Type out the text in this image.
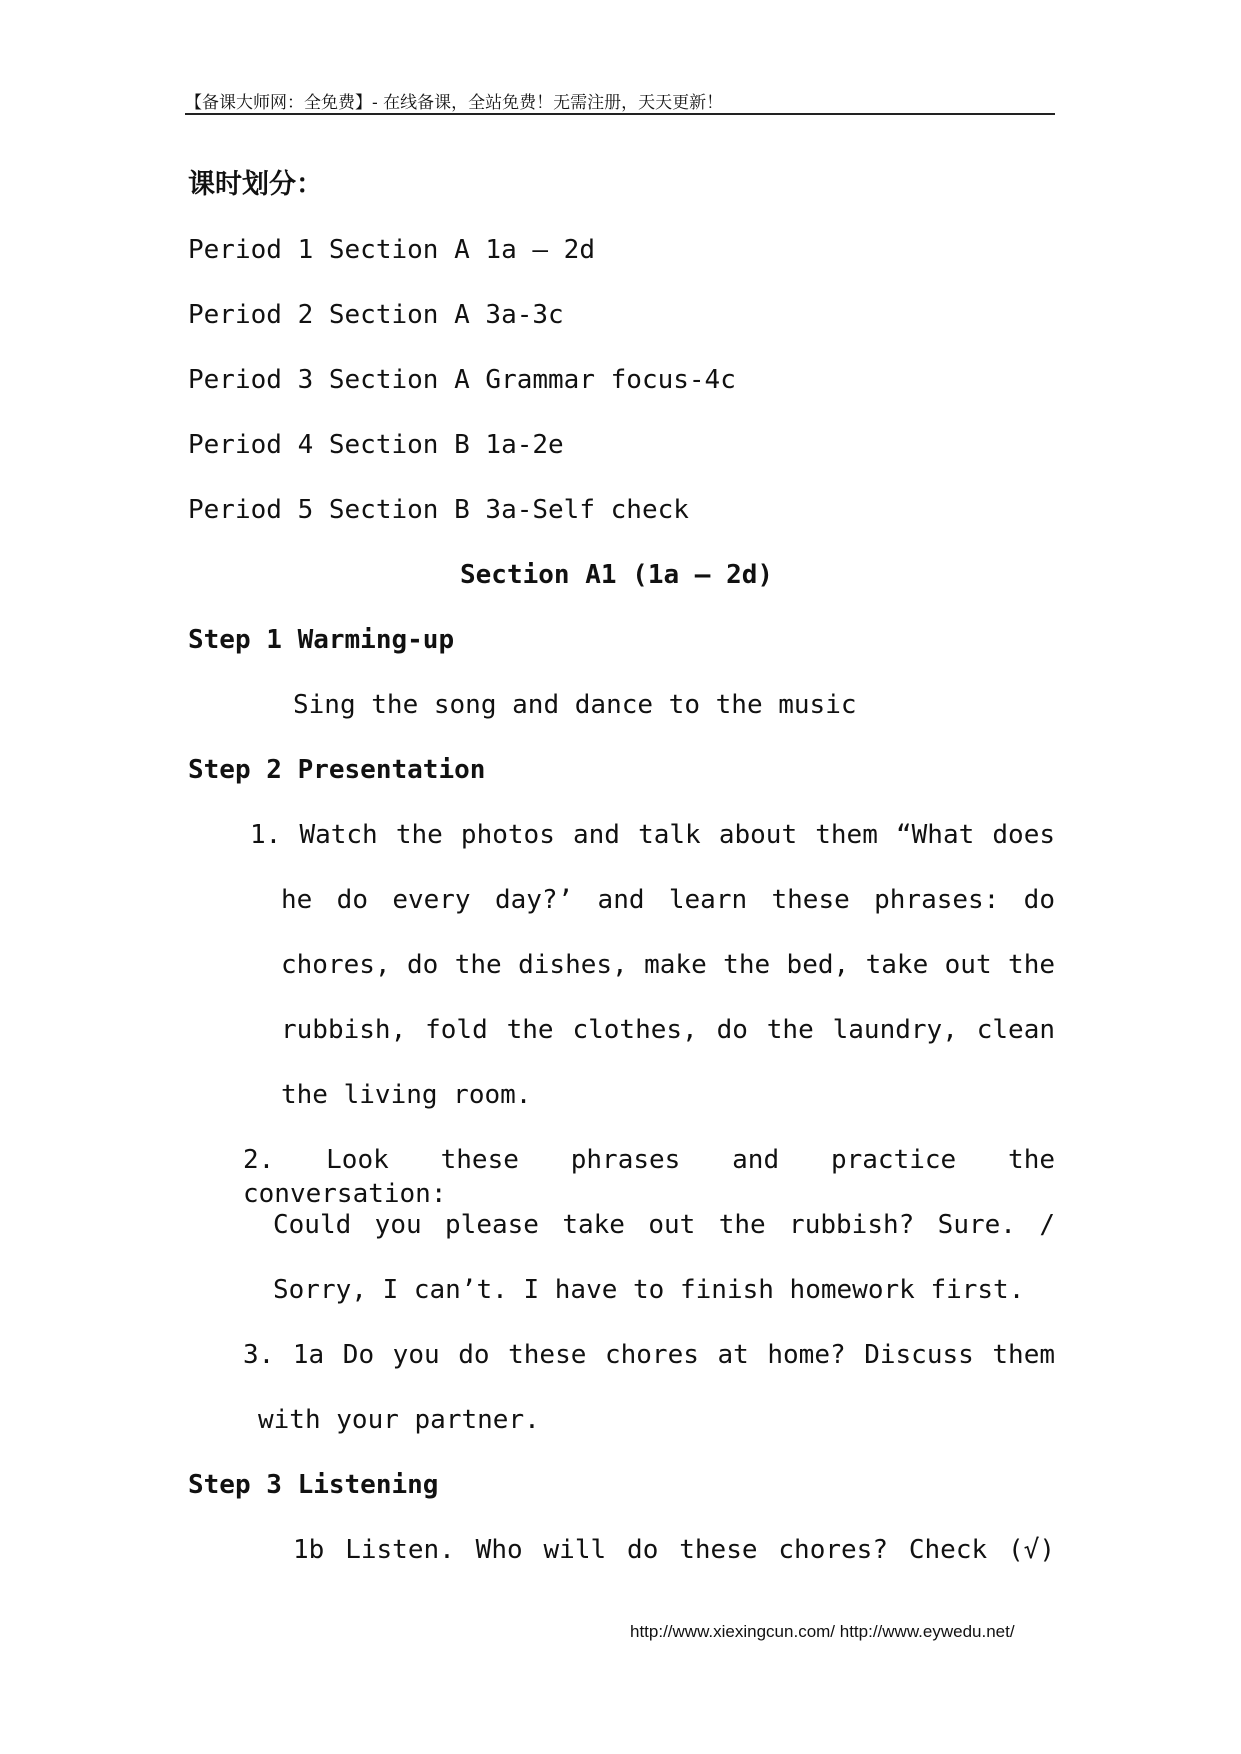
【备课大师网：全免费】- 在线备课，全站免费！无需注册，天天更新！
课时划分：
Period 1 Section A 1a – 2d
Period 2 Section A 3a-3c
Period 3 Section A Grammar focus-4c
Period 4 Section B 1a-2e
Period 5 Section B 3a-Self check
Section A1 (1a – 2d)
Step 1 Warming-up
Sing the song and dance to the music
Step 2 Presentation
1. Watch the photos and talk about them “What does
he do every day?’ and learn these phrases: do
chores, do the dishes, make the bed, take out the
rubbish, fold the clothes, do the laundry, clean
the living room.
2. Look these phrases and practice the conversation:
Could you please take out the rubbish? Sure. /
Sorry, I can’t. I have to finish homework first.
3. 1a Do you do these chores at home? Discuss them
with your partner.
Step 3 Listening
1b Listen. Who will do these chores? Check (√)
http://www.xiexingcun.com/ http://www.eywedu.net/
